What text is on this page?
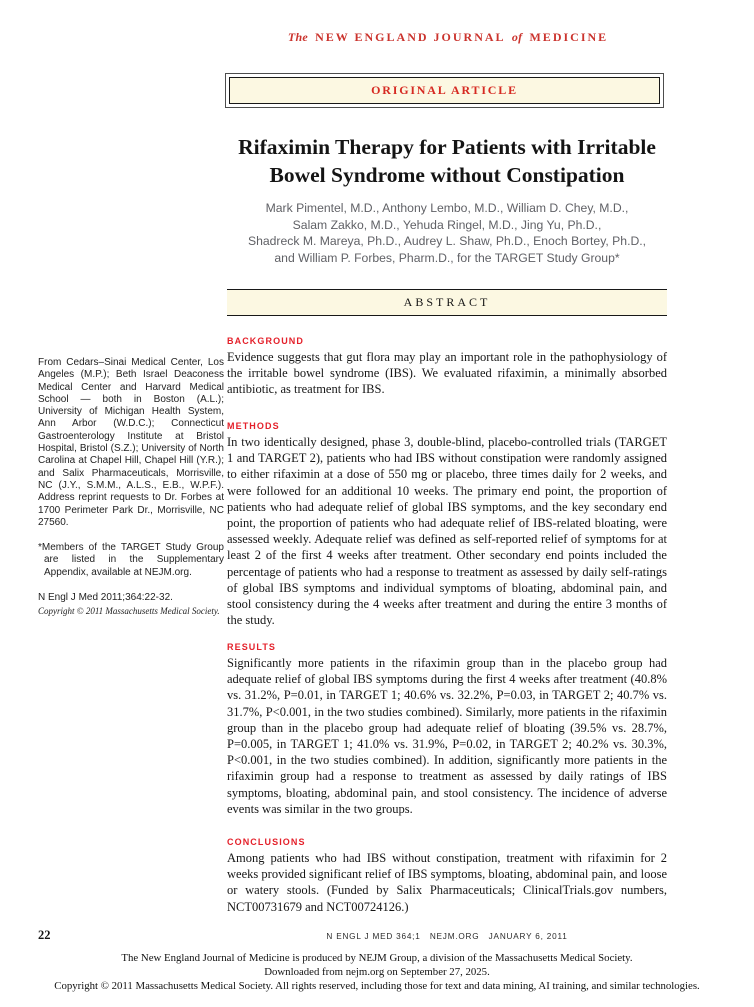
The NEW ENGLAND JOURNAL of MEDICINE
ORIGINAL ARTICLE
Rifaximin Therapy for Patients with Irritable
Bowel Syndrome without Constipation
Mark Pimentel, M.D., Anthony Lembo, M.D., William D. Chey, M.D.,
Salam Zakko, M.D., Yehuda Ringel, M.D., Jing Yu, Ph.D.,
Shadreck M. Mareya, Ph.D., Audrey L. Shaw, Ph.D., Enoch Bortey, Ph.D.,
and William P. Forbes, Pharm.D., for the TARGET Study Group*
ABSTRACT

From Cedars–Sinai Medical Center, Los Angeles (M.P.); Beth Israel Deaconess Medical Center and Harvard Medical School — both in Boston (A.L.); University of Michigan Health System, Ann Arbor (W.D.C.); Connecticut Gastroenterology Institute at Bristol Hospital, Bristol (S.Z.); University of North Carolina at Chapel Hill, Chapel Hill (Y.R.); and Salix Pharmaceuticals, Morrisville, NC (J.Y., S.M.M., A.L.S., E.B., W.P.F.). Address reprint requests to Dr. Forbes at 1700 Perimeter Park Dr., Morrisville, NC 27560.

*Members of the TARGET Study Group are listed in the Supplementary Appendix, available at NEJM.org.

N Engl J Med 2011;364:22-32.

Copyright © 2011 Massachusetts Medical Society.

BACKGROUND

Evidence suggests that gut flora may play an important role in the pathophysiology of the irritable bowel syndrome (IBS). We evaluated rifaximin, a minimally absorbed antibiotic, as treatment for IBS.

METHODS

In two identically designed, phase 3, double-blind, placebo-controlled trials (TARGET 1 and TARGET 2), patients who had IBS without constipation were randomly assigned to either rifaximin at a dose of 550 mg or placebo, three times daily for 2 weeks, and were followed for an additional 10 weeks. The primary end point, the proportion of patients who had adequate relief of global IBS symptoms, and the key secondary end point, the proportion of patients who had adequate relief of IBS-related bloating, were assessed weekly. Adequate relief was defined as self-reported relief of symptoms for at least 2 of the first 4 weeks after treatment. Other secondary end points included the percentage of patients who had a response to treatment as assessed by daily self-ratings of global IBS symptoms and individual symptoms of bloating, abdominal pain, and stool consistency during the 4 weeks after treatment and during the entire 3 months of the study.

RESULTS

Significantly more patients in the rifaximin group than in the placebo group had adequate relief of global IBS symptoms during the first 4 weeks after treatment (40.8% vs. 31.2%, P=0.01, in TARGET 1; 40.6% vs. 32.2%, P=0.03, in TARGET 2; 40.7% vs. 31.7%, P<0.001, in the two studies combined). Similarly, more patients in the rifaximin group than in the placebo group had adequate relief of bloating (39.5% vs. 28.7%, P=0.005, in TARGET 1; 41.0% vs. 31.9%, P=0.02, in TARGET 2; 40.2% vs. 30.3%, P<0.001, in the two studies combined). In addition, significantly more patients in the rifaximin group had a response to treatment as assessed by daily ratings of IBS symptoms, bloating, abdominal pain, and stool consistency. The incidence of adverse events was similar in the two groups.

CONCLUSIONS

Among patients who had IBS without constipation, treatment with rifaximin for 2 weeks provided significant relief of IBS symptoms, bloating, abdominal pain, and loose or watery stools. (Funded by Salix Pharmaceuticals; ClinicalTrials.gov numbers, NCT00731679 and NCT00724126.)

22	N ENGL J MED 364;1   NEJM.ORG   JANUARY 6, 2011
The New England Journal of Medicine is produced by NEJM Group, a division of the Massachusetts Medical Society.
Downloaded from nejm.org on September 27, 2025.
Copyright © 2011 Massachusetts Medical Society. All rights reserved, including those for text and data mining, AI training, and similar technologies.
